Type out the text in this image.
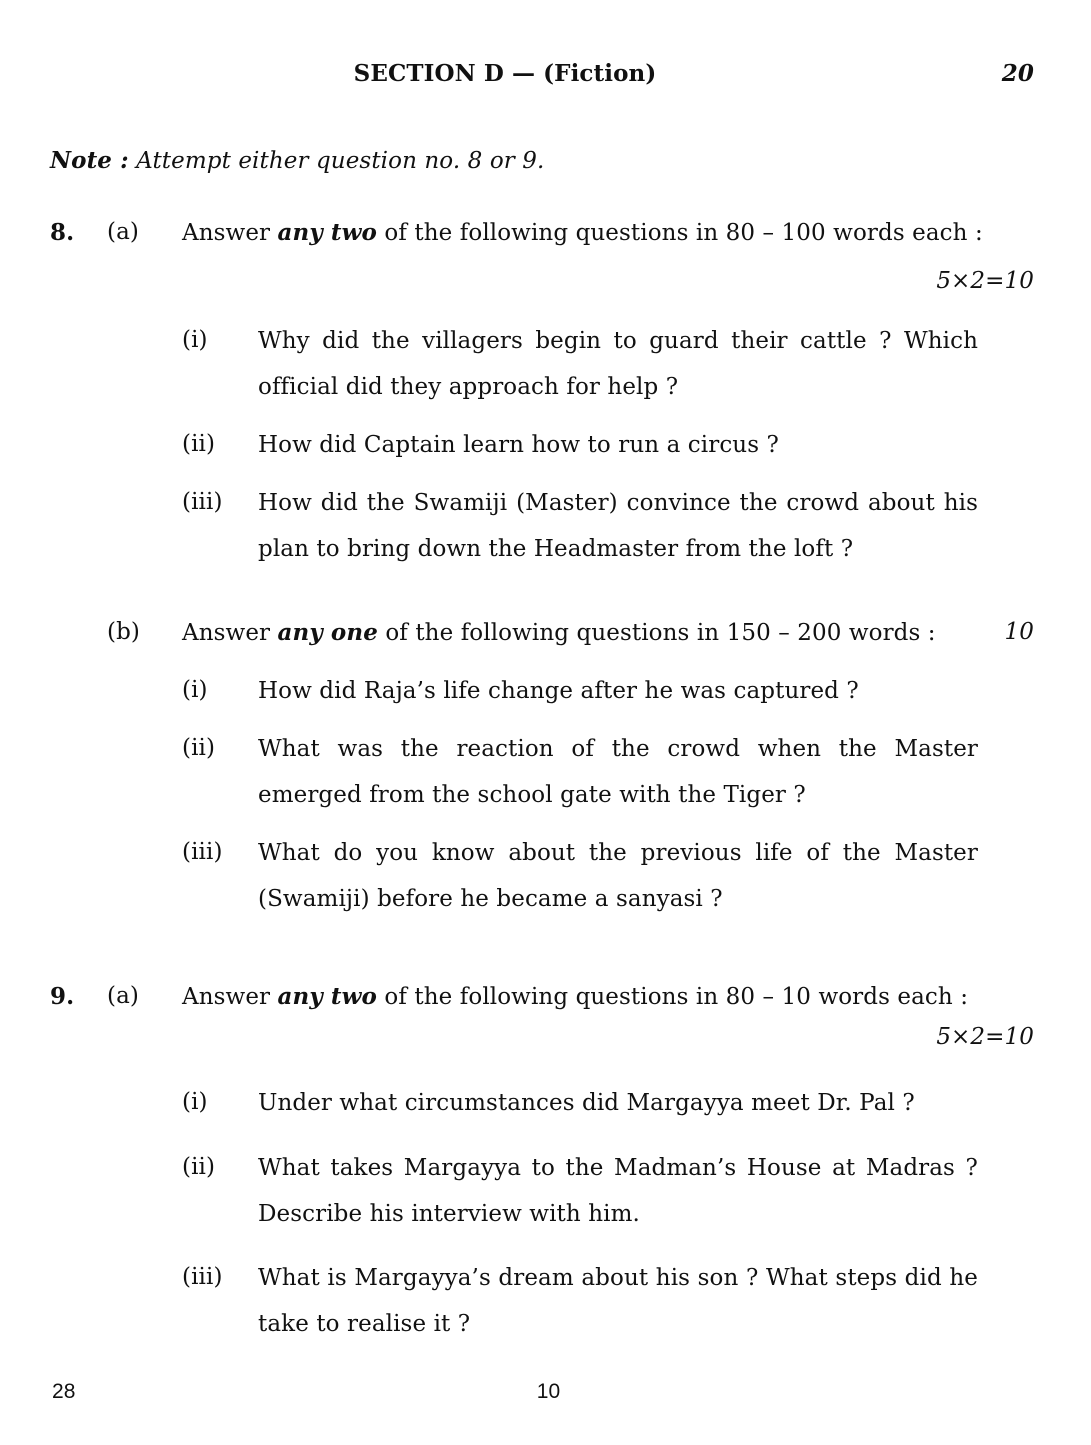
SECTION D — (Fiction)	20
Note : Attempt either question no. 8 or 9.
8. (a) Answer any two of the following questions in 80 – 100 words each :
5×2=10
(i) Why did the villagers begin to guard their cattle ? Which official did they approach for help ?
(ii) How did Captain learn how to run a circus ?
(iii) How did the Swamiji (Master) convince the crowd about his plan to bring down the Headmaster from the loft ?
(b) Answer any one of the following questions in 150 – 200 words :	10
(i) How did Raja’s life change after he was captured ?
(ii) What was the reaction of the crowd when the Master emerged from the school gate with the Tiger ?
(iii) What do you know about the previous life of the Master (Swamiji) before he became a sanyasi ?
9. (a) Answer any two of the following questions in 80 – 10 words each :
5×2=10
(i) Under what circumstances did Margayya meet Dr. Pal ?
(ii) What takes Margayya to the Madman’s House at Madras ? Describe his interview with him.
(iii) What is Margayya’s dream about his son ? What steps did he take to realise it ?
28	10
